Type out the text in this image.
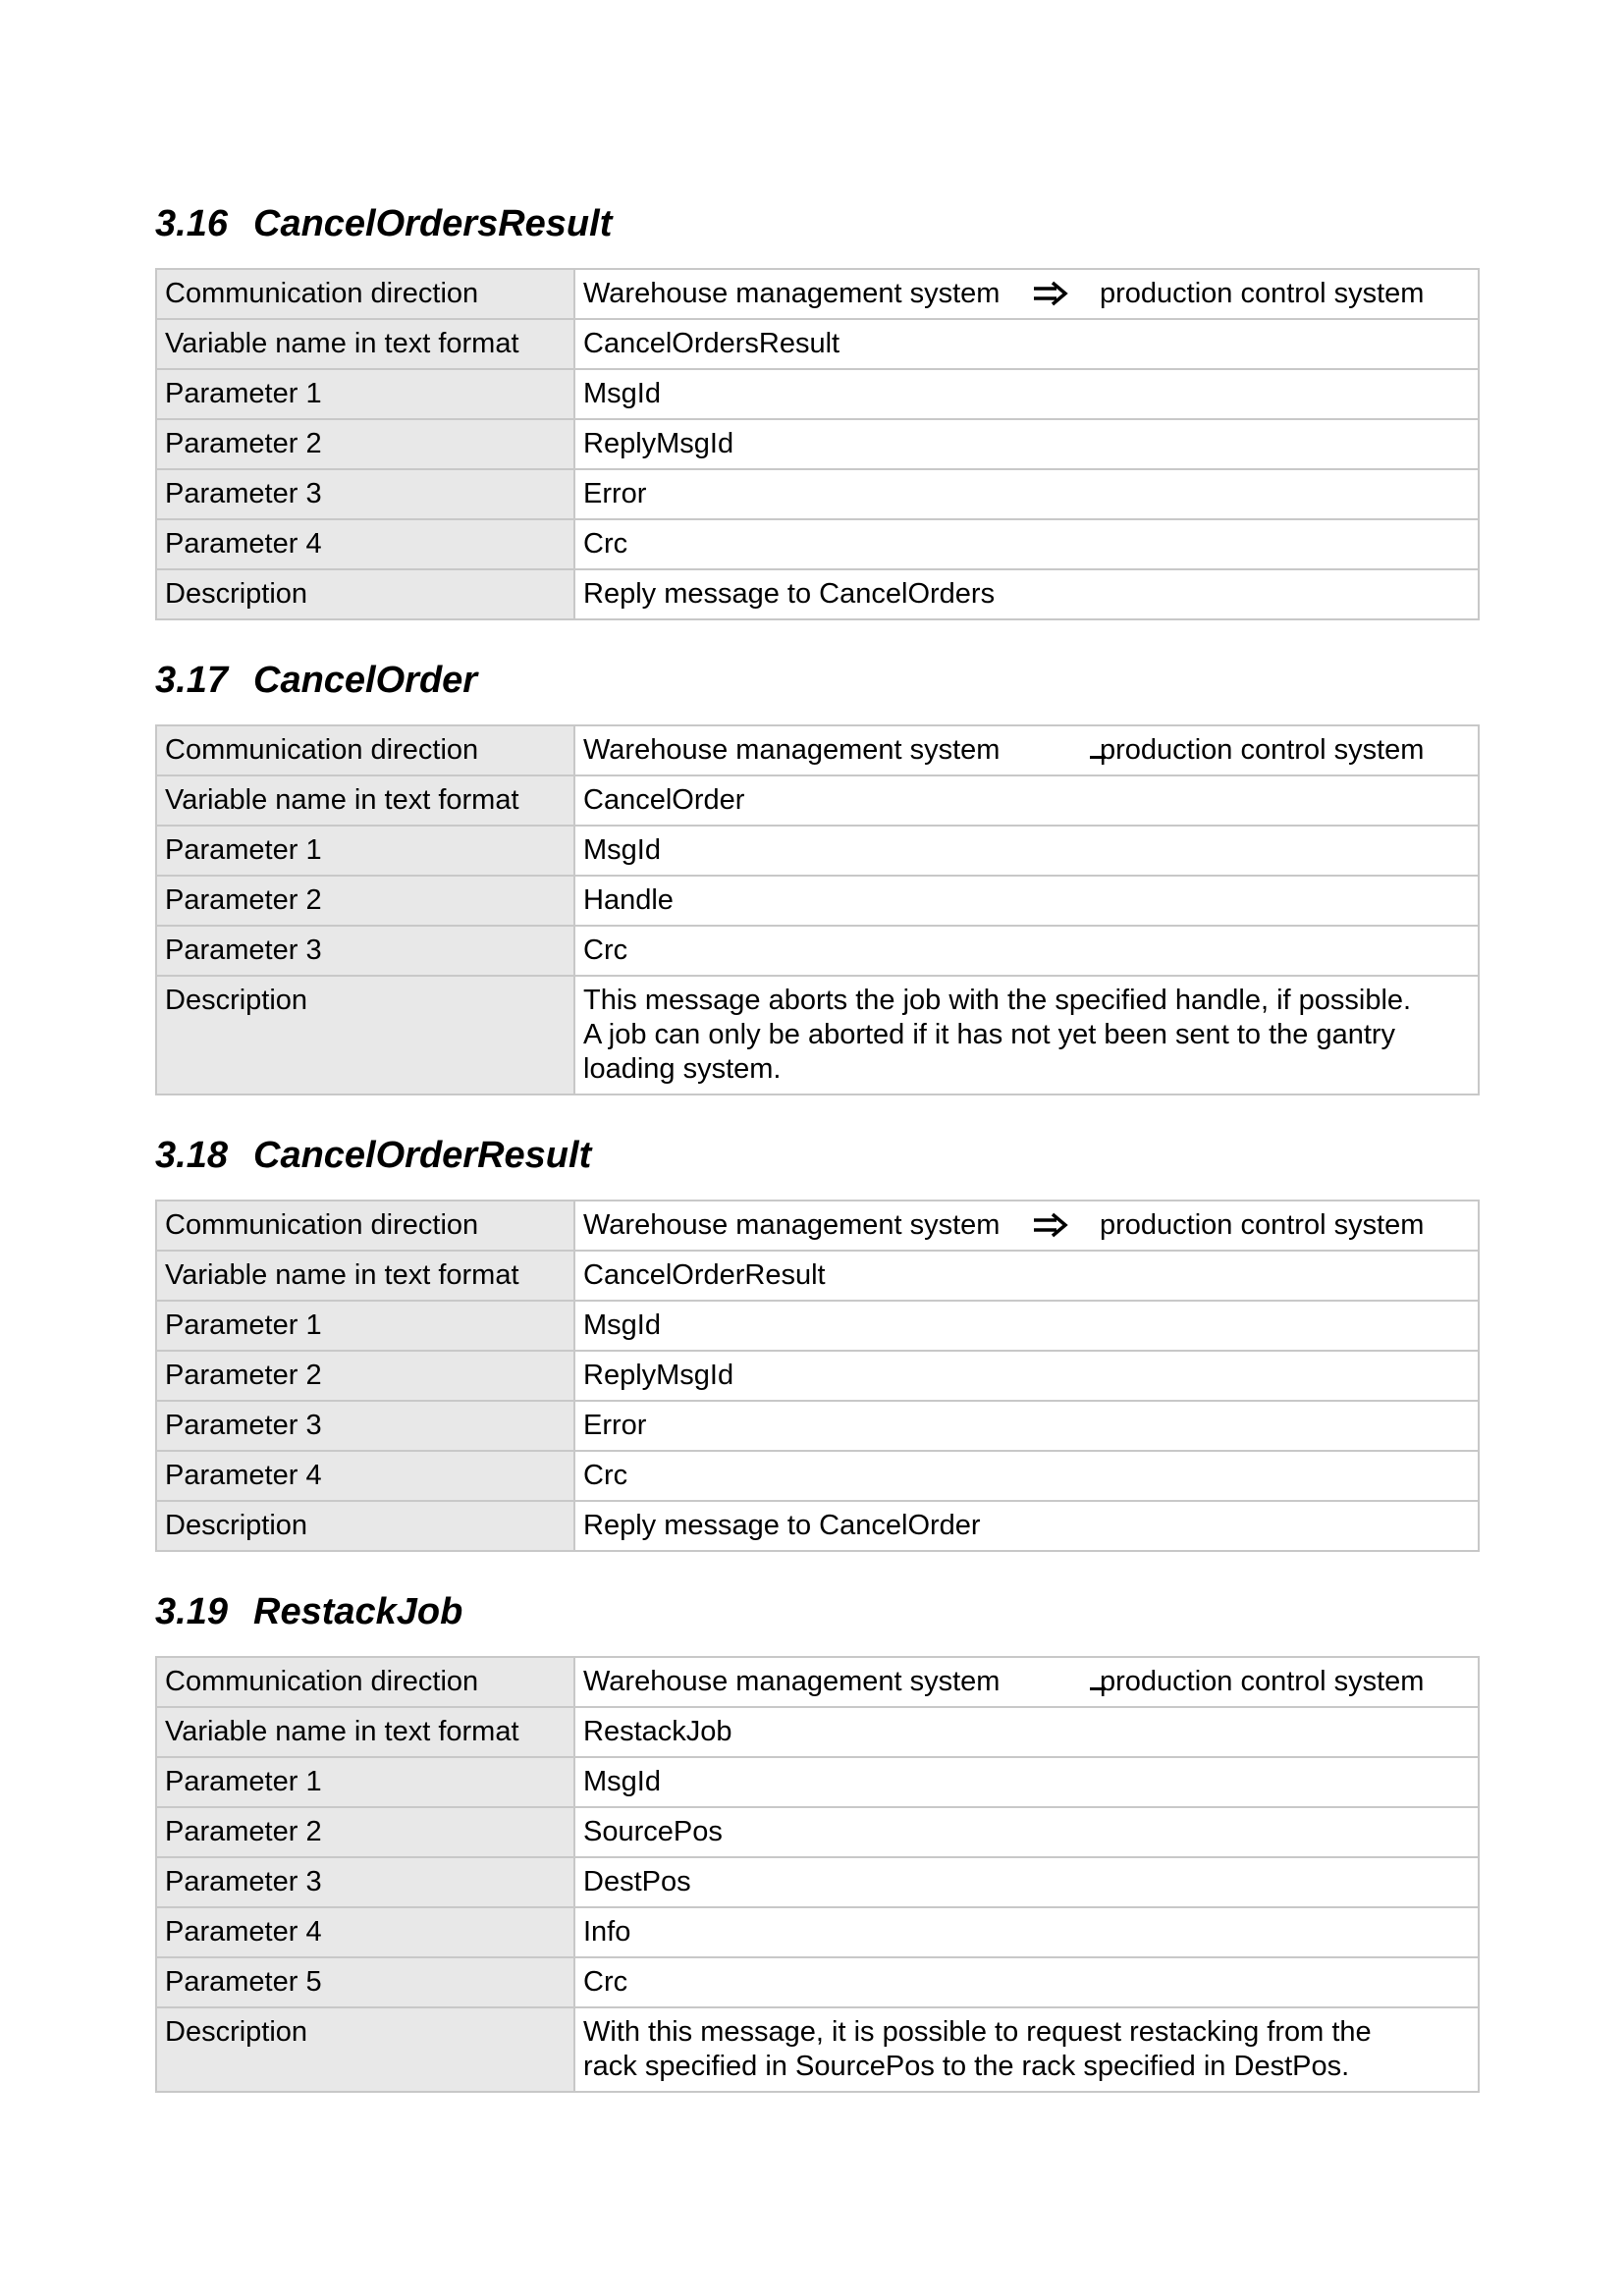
3.16 CancelOrdersResult
Communication direction	Warehouse management system production control system

Variable name in text format	CancelOrdersResult
Parameter 1	MsgId
Parameter 2	ReplyMsgId
Parameter 3	Error
Parameter 4	Crc
Description	Reply message to CancelOrders
3.17 CancelOrder
Communication direction	Warehouse management system production control system

Variable name in text format	CancelOrder
Parameter 1	MsgId
Parameter 2	Handle
Parameter 3	Crc
Description	This message aborts the job with the specified handle, if possible.
A job can only be aborted if it has not yet been sent to the gantry
loading system.
3.18 CancelOrderResult
Communication direction	Warehouse management system production control system

Variable name in text format	CancelOrderResult
Parameter 1	MsgId
Parameter 2	ReplyMsgId
Parameter 3	Error
Parameter 4	Crc
Description	Reply message to CancelOrder
3.19 RestackJob
Communication direction	Warehouse management system production control system

Variable name in text format	RestackJob
Parameter 1	MsgId
Parameter 2	SourcePos
Parameter 3	DestPos
Parameter 4	Info
Parameter 5	Crc
Description	With this message, it is possible to request restacking from the
rack specified in SourcePos to the rack specified in DestPos.
